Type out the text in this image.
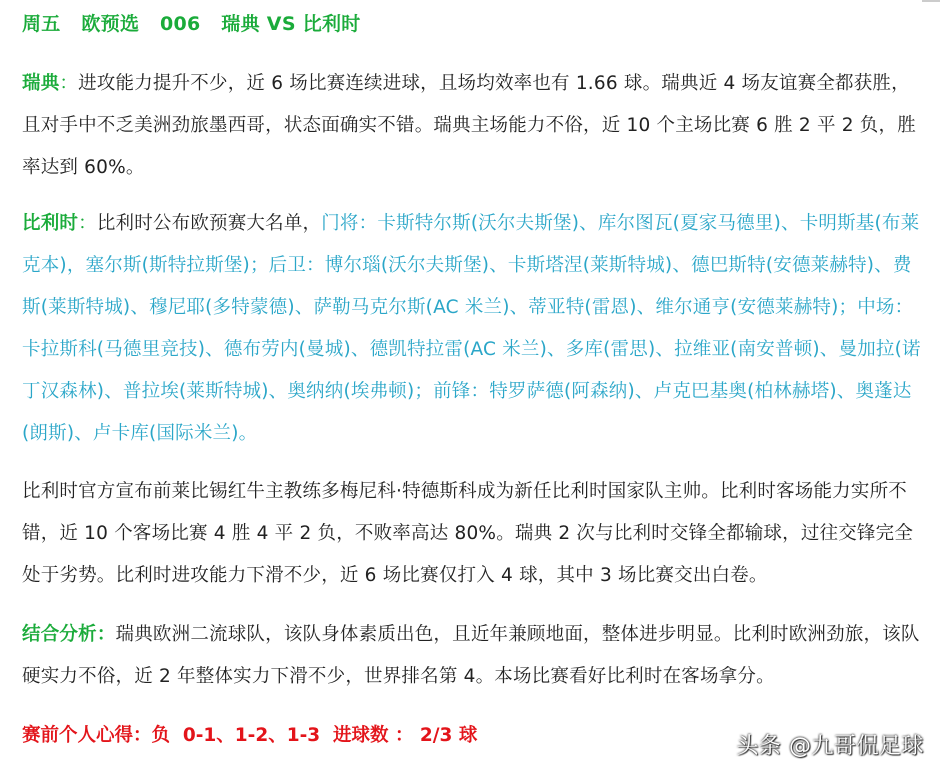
周五   欧预选   006   瑞典 VS 比利时
瑞典：进攻能力提升不少，近 6 场比赛连续进球，且场均效率也有 1.66 球。瑞典近 4 场友谊赛全都获胜，且对手中不乏美洲劲旅墨西哥，状态面确实不错。瑞典主场能力不俗，近 10 个主场比赛 6 胜 2 平 2 负，胜率达到 60%。
比利时：比利时公布欧预赛大名单，门将：卡斯特尔斯(沃尔夫斯堡)、库尔图瓦(夏家马德里)、卡明斯基(布莱克本)，塞尔斯(斯特拉斯堡)；后卫：博尔瑙(沃尔夫斯堡)、卡斯塔涅(莱斯特城)、德巴斯特(安德莱赫特)、费斯(莱斯特城)、穆尼耶(多特蒙德)、萨勒马克尔斯(AC 米兰)、蒂亚特(雷恩)、维尔通亨(安德莱赫特)；中场：卡拉斯科(马德里竞技)、德布劳内(曼城)、德凯特拉雷(AC 米兰)、多库(雷思)、拉维亚(南安普顿)、曼加拉(诺丁汉森林)、普拉埃(莱斯特城)、奥纳纳(埃弗顿)；前锋：特罗萨德(阿森纳)、卢克巴基奥(柏林赫塔)、奥蓬达(朗斯)、卢卡库(国际米兰)。
比利时官方宣布前莱比锡红牛主教练多梅尼科·特德斯科成为新任比利时国家队主帅。比利时客场能力实所不错，近 10 个客场比赛 4 胜 4 平 2 负，不败率高达 80%。瑞典 2 次与比利时交锋全都输球，过往交锋完全处于劣势。比利时进攻能力下滑不少，近 6 场比赛仅打入 4 球，其中 3 场比赛交出白卷。
结合分析：瑞典欧洲二流球队，该队身体素质出色，且近年兼顾地面，整体进步明显。比利时欧洲劲旅，该队硬实力不俗，近 2 年整体实力下滑不少，世界排名第 4。本场比赛看好比利时在客场拿分。
赛前个人心得：负  0-1、1-2、1-3  进球数 ： 2/3 球	头条 @九哥侃足球
